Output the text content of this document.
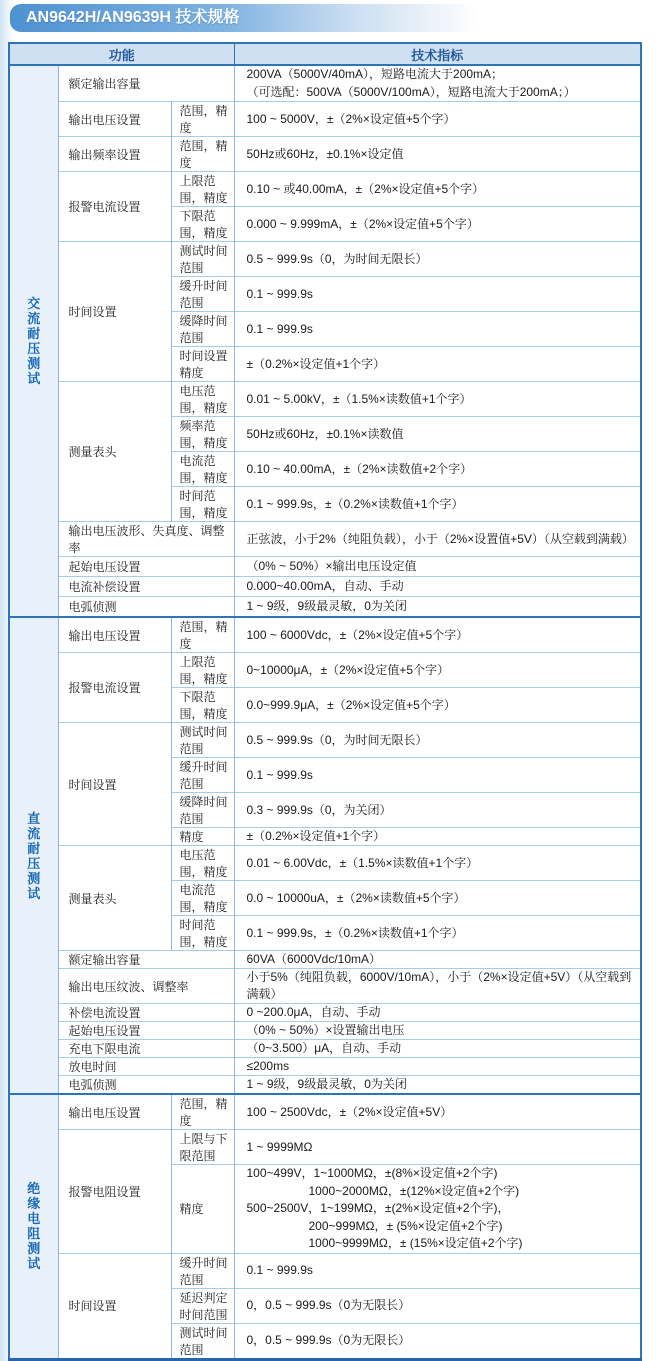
AN9642H/AN9639H 技术规格
功能			技术指标

交流耐压测试	额定输出容量		200VA（5000V/40mA），短路电流大于200mA；
（可选配：500VA（5000V/100mA），短路电流大于200mA；）

	输出电压设置	范围，精度	100 ~ 5000V，±（2%×设定值+5个字）
	输出频率设置	范围，精度	50Hz或60Hz，±0.1%×设定值
	报警电流设置	上限范围，精度	0.10 ~ 或40.00mA，±（2%×设定值+5个字）
		下限范围，精度	0.000 ~ 9.999mA，±（2%×设定值+5个字）
	时间设置	测试时间范围	0.5 ~ 999.9s（0，为时间无限长）
		缓升时间范围	0.1 ~ 999.9s
		缓降时间范围	0.1 ~ 999.9s
		时间设置精度	±（0.2%×设定值+1个字）
	测量表头	电压范围，精度	0.01 ~ 5.00kV，±（1.5%×读数值+1个字）
		频率范围，精度	50Hz或60Hz，±0.1%×读数值
		电流范围，精度	0.10 ~ 40.00mA，±（2%×读数值+2个字）
		时间范围，精度	0.1 ~ 999.9s，±（0.2%×读数值+1个字）
	输出电压波形、失真度、调整率		正弦波，小于2%（纯阻负载），小于（2%×设置值+5V）（从空载到满载）
	起始电压设置		（0% ~ 50%）×输出电压设定值
	电流补偿设置		0.000~40.00mA，自动、手动
	电弧侦测		1 ~ 9级，9级最灵敏，0为关闭

直流耐压测试	输出电压设置	范围，精度	100 ~ 6000Vdc，±（2%×设定值+5个字）
	报警电流设置	上限范围，精度	0~10000μA，±（2%×设定值+5个字）
		下限范围，精度	0.0~999.9μA，±（2%×设定值+5个字）
	时间设置	测试时间范围	0.5 ~ 999.9s（0，为时间无限长）
		缓升时间范围	0.1 ~ 999.9s
		缓降时间范围	0.3 ~ 999.9s（0，为关闭）
		精度	±（0.2%×设定值+1个字）
	测量表头	电压范围，精度	0.01 ~ 6.00Vdc，±（1.5%×读数值+1个字）
		电流范围，精度	0.0 ~ 10000uA，±（2%×读数值+5个字）
		时间范围，精度	0.1 ~ 999.9s，±（0.2%×读数值+1个字）
	额定输出容量		60VA（6000Vdc/10mA）
	输出电压纹波、调整率		小于5%（纯阻负载，6000V/10mA），小于（2%×设定值+5V）（从空载到满载）
	补偿电流设置		0 ~200.0μA，自动、手动
	起始电压设置		（0% ~ 50%）×设置输出电压
	充电下限电流		（0~3.500）μA，自动、手动
	放电时间		≤200ms
	电弧侦测		1 ~ 9级，9级最灵敏，0为关闭

绝缘电阻测试	输出电压设置	范围，精度	100 ~ 2500Vdc，±（2%×设定值+5V）
	报警电阻设置	上限与下限范围	1 ~ 9999MΩ
		精度	100~499V，1~1000MΩ，±(8%×设定值+2个字)
1000~2000MΩ，±(12%×设定值+2个字)
500~2500V，1~199MΩ，±(2%×设定值+2个字)，
200~999MΩ，± (5%×设定值+2个字)
1000~9999MΩ，± (15%×设定值+2个字)

	时间设置	缓升时间范围	0.1 ~ 999.9s
		延迟判定时间范围	0，0.5 ~ 999.9s（0为无限长）
		测试时间范围	0，0.5 ~ 999.9s（0为无限长）
